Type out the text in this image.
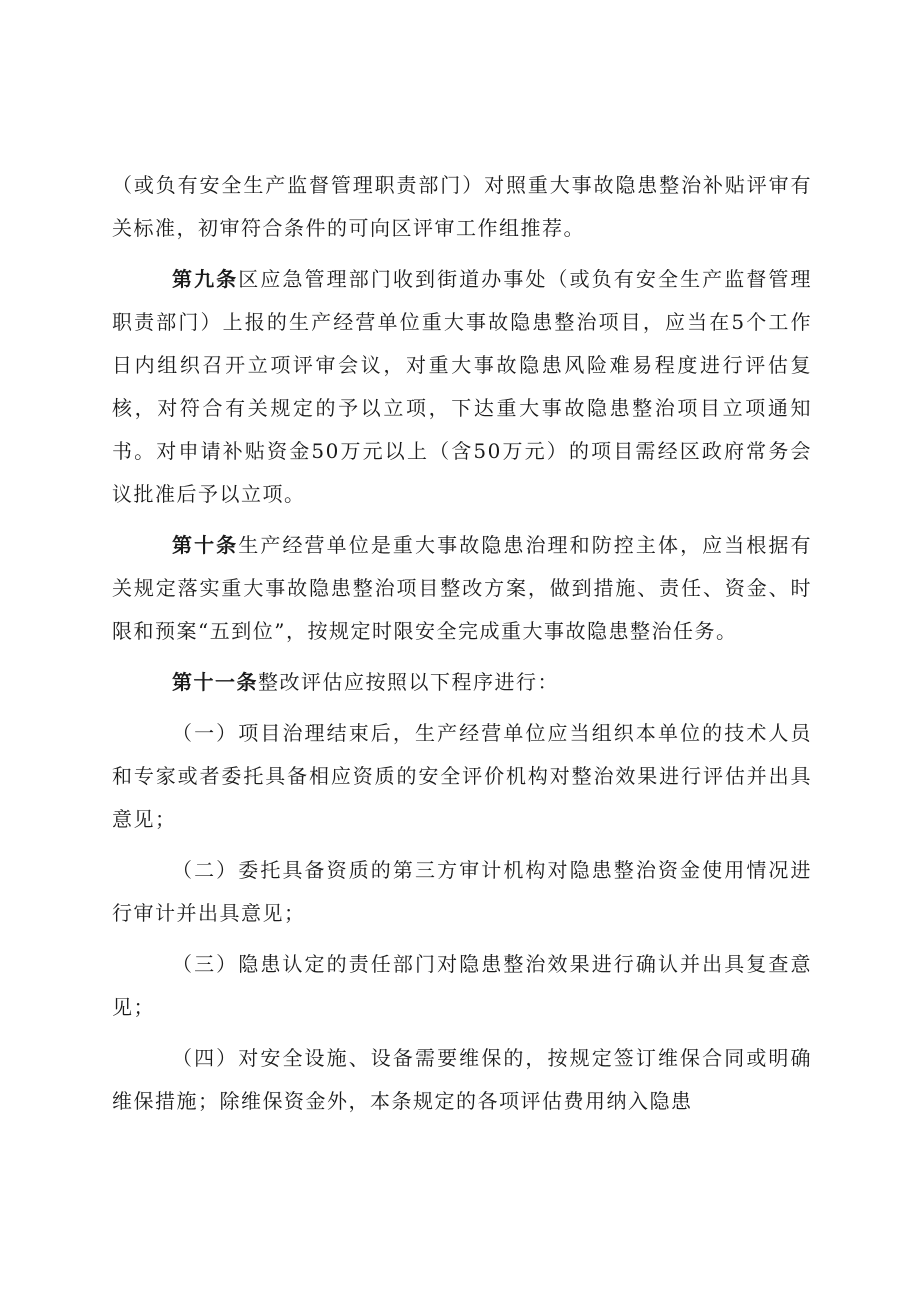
（或负有安全生产监督管理职责部门）对照重大事故隐患整治补贴评审有关标准，初审符合条件的可向区评审工作组推荐。

第九条区应急管理部门收到街道办事处（或负有安全生产监督管理职责部门）上报的生产经营单位重大事故隐患整治项目，应当在5个工作日内组织召开立项评审会议，对重大事故隐患风险难易程度进行评估复核，对符合有关规定的予以立项，下达重大事故隐患整治项目立项通知书。对申请补贴资金50万元以上（含50万元）的项目需经区政府常务会议批准后予以立项。

第十条生产经营单位是重大事故隐患治理和防控主体，应当根据有关规定落实重大事故隐患整治项目整改方案，做到措施、责任、资金、时限和预案“五到位”，按规定时限安全完成重大事故隐患整治任务。

第十一条整改评估应按照以下程序进行：

（一）项目治理结束后，生产经营单位应当组织本单位的技术人员和专家或者委托具备相应资质的安全评价机构对整治效果进行评估并出具意见；

（二）委托具备资质的第三方审计机构对隐患整治资金使用情况进行审计并出具意见；

（三）隐患认定的责任部门对隐患整治效果进行确认并出具复查意见；

（四）对安全设施、设备需要维保的，按规定签订维保合同或明确维保措施；除维保资金外，本条规定的各项评估费用纳入隐患
